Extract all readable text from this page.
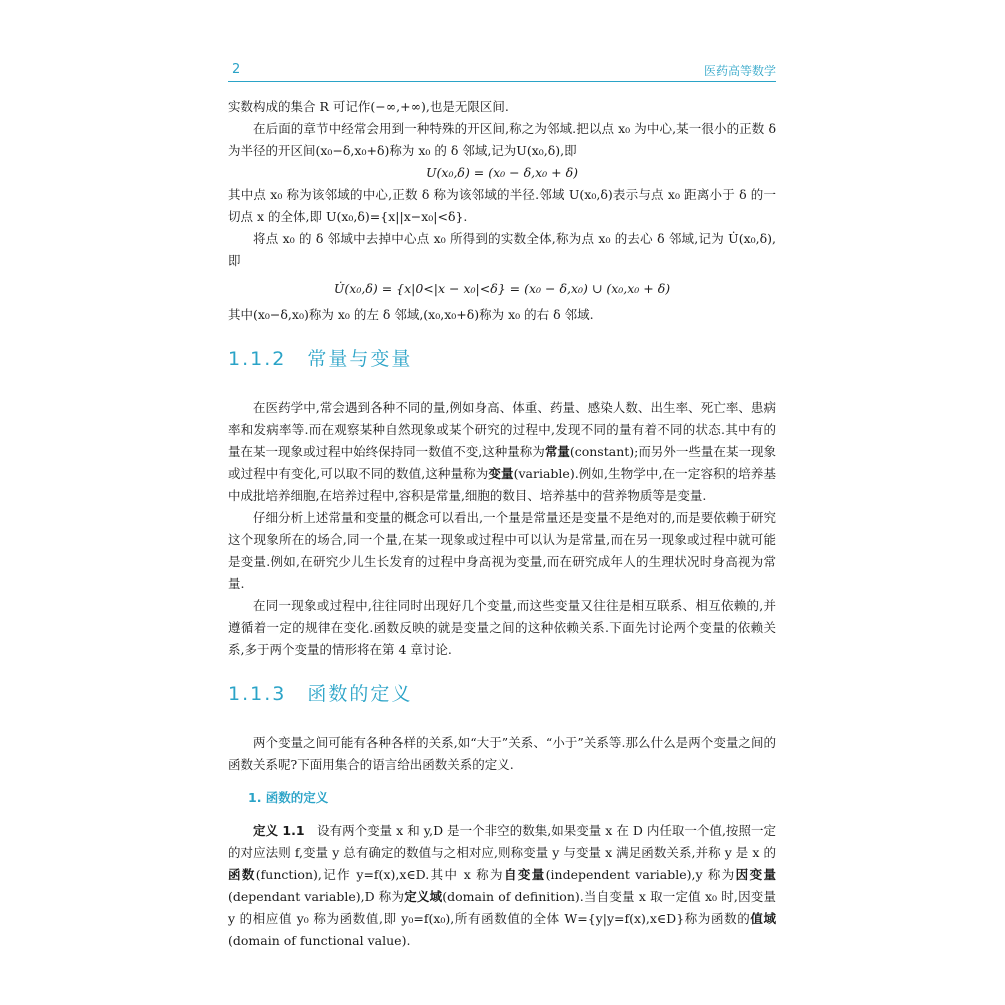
2	医药高等数学

实数构成的集合 R 可记作(−∞,+∞),也是无限区间.

在后面的章节中经常会用到一种特殊的开区间,称之为邻域.把以点 x₀ 为中心,某一很小的正数 δ 为半径的开区间(x₀−δ,x₀+δ)称为 x₀ 的 δ 邻域,记为U(x₀,δ),即

U(x₀,δ) = (x₀ − δ,x₀ + δ)

其中点 x₀ 称为该邻域的中心,正数 δ 称为该邻域的半径.邻域 U(x₀,δ)表示与点 x₀ 距离小于 δ 的一切点 x 的全体,即 U(x₀,δ)={x||x−x₀|<δ}.

将点 x₀ 的 δ 邻域中去掉中心点 x₀ 所得到的实数全体,称为点 x₀ 的去心 δ 邻域,记为 U̇(x₀,δ),即

U̇(x₀,δ) = {x|0<|x − x₀|<δ} = (x₀ − δ,x₀) ∪ (x₀,x₀ + δ)

其中(x₀−δ,x₀)称为 x₀ 的左 δ 邻域,(x₀,x₀+δ)称为 x₀ 的右 δ 邻域.

1.1.2　常量与变量

在医药学中,常会遇到各种不同的量,例如身高、体重、药量、感染人数、出生率、死亡率、患病率和发病率等.而在观察某种自然现象或某个研究的过程中,发现不同的量有着不同的状态.其中有的量在某一现象或过程中始终保持同一数值不变,这种量称为常量(constant);而另外一些量在某一现象或过程中有变化,可以取不同的数值,这种量称为变量(variable).例如,生物学中,在一定容积的培养基中成批培养细胞,在培养过程中,容积是常量,细胞的数目、培养基中的营养物质等是变量.

仔细分析上述常量和变量的概念可以看出,一个量是常量还是变量不是绝对的,而是要依赖于研究这个现象所在的场合,同一个量,在某一现象或过程中可以认为是常量,而在另一现象或过程中就可能是变量.例如,在研究少儿生长发育的过程中身高视为变量,而在研究成年人的生理状况时身高视为常量.

在同一现象或过程中,往往同时出现好几个变量,而这些变量又往往是相互联系、相互依赖的,并遵循着一定的规律在变化.函数反映的就是变量之间的这种依赖关系.下面先讨论两个变量的依赖关系,多于两个变量的情形将在第 4 章讨论.

1.1.3　函数的定义

两个变量之间可能有各种各样的关系,如“大于”关系、“小于”关系等.那么什么是两个变量之间的函数关系呢?下面用集合的语言给出函数关系的定义.

1. 函数的定义

定义 1.1　设有两个变量 x 和 y,D 是一个非空的数集,如果变量 x 在 D 内任取一个值,按照一定的对应法则 f,变量 y 总有确定的数值与之相对应,则称变量 y 与变量 x 满足函数关系,并称 y 是 x 的函数(function),记作 y=f(x),x∈D.其中 x 称为自变量(independent variable),y 称为因变量(dependant variable),D 称为定义域(domain of definition).当自变量 x 取一定值 x₀ 时,因变量 y 的相应值 y₀ 称为函数值,即 y₀=f(x₀),所有函数值的全体 W={y|y=f(x),x∈D}称为函数的值域(domain of functional value).
